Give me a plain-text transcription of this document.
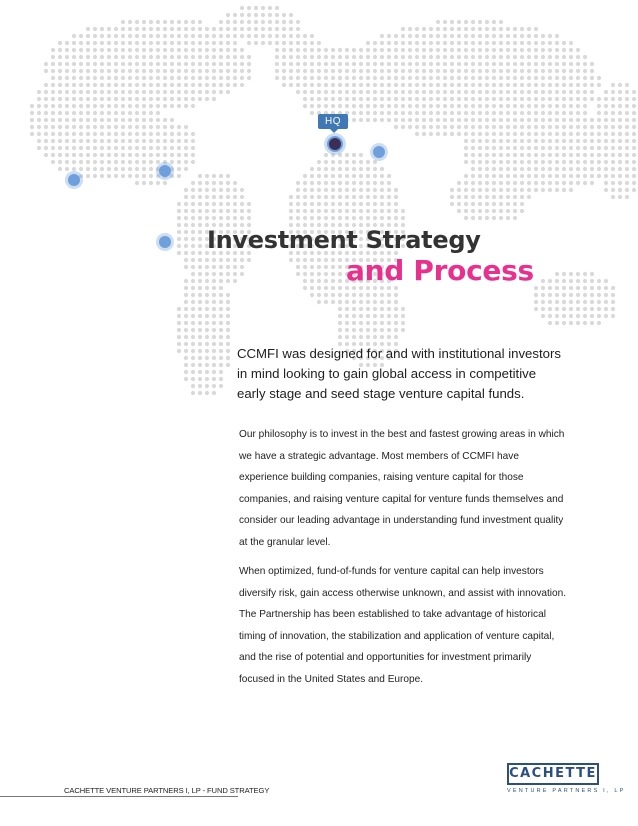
HQ
Investment Strategy
and Process

CCMFI was designed for and with institutional investors in mind looking to gain global access in competitive early stage and seed stage venture capital funds.

Our philosophy is to invest in the best and fastest growing areas in which we have a strategic advantage. Most members of CCMFI have experience building companies, raising venture capital for those companies, and raising venture capital for venture funds themselves and consider our leading advantage in understanding fund investment quality at the granular level.

When optimized, fund-of-funds for venture capital can help investors diversify risk, gain access otherwise unknown, and assist with innovation. The Partnership has been established to take advantage of historical timing of innovation, the stabilization and application of venture capital, and the rise of potential and opportunities for investment primarily focused in the United States and Europe.

CACHETTE VENTURE PARTNERS I, LP - FUND STRATEGY
CACHETTE
VENTURE PARTNERS I, LP
